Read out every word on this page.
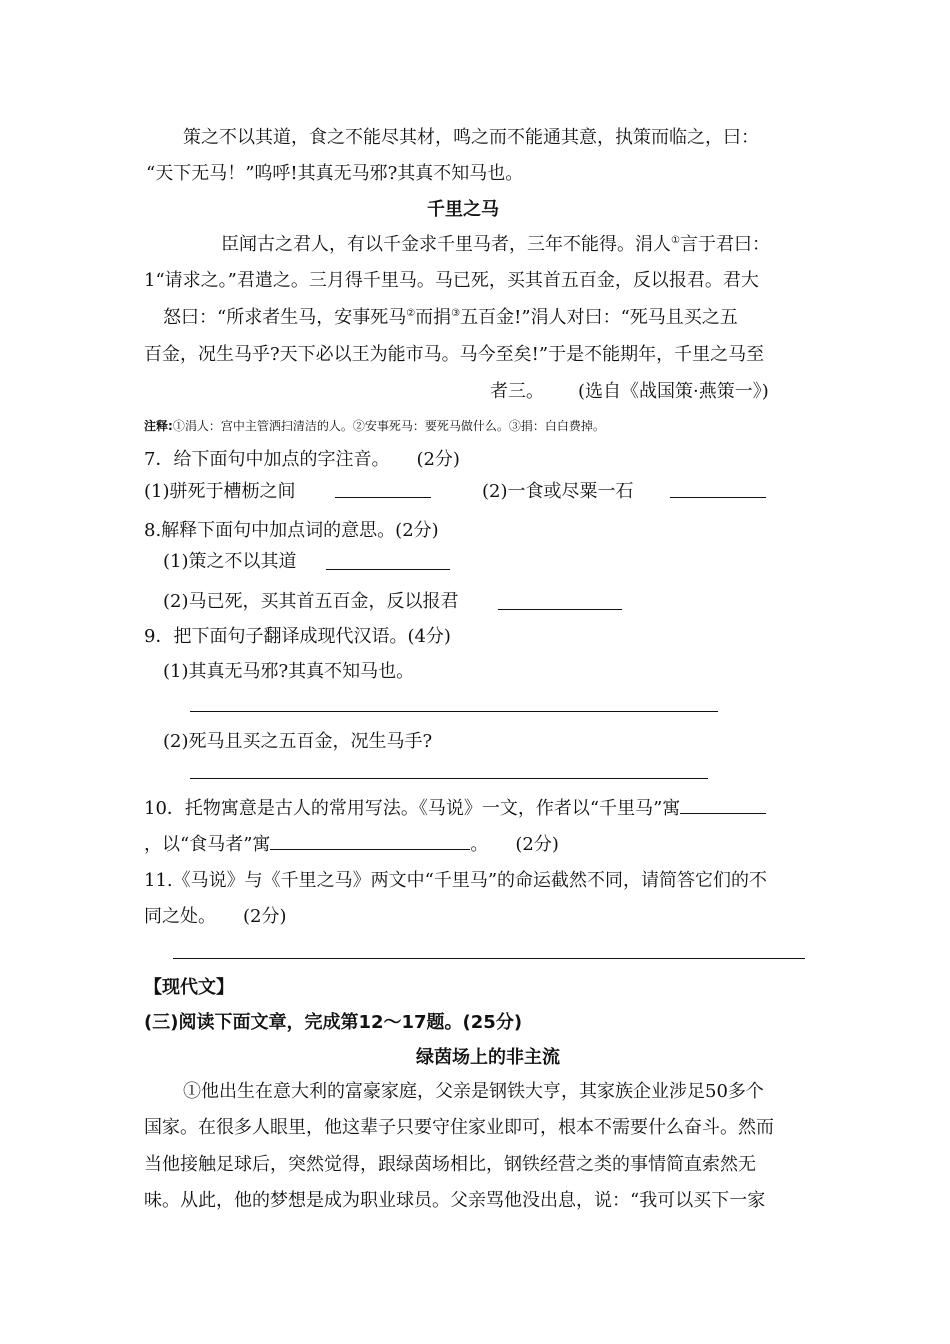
策之不以其道，食之不能尽其材，鸣之而不能通其意，执策而临之，曰：
“天下无马！”呜呼!其真无马邪?其真不知马也。
千里之马
臣闻古之君人，有以千金求千里马者，三年不能得。涓人①言于君曰：
1“请求之。”君遣之。三月得千里马。马已死，买其首五百金，反以报君。君大
怒曰：“所求者生马，安事死马②而捐③五百金!”涓人对曰：“死马且买之五
百金，况生马乎?天下必以王为能市马。马今至矣!”于是不能期年，千里之马至
者三。 (选自《战国策·燕策一》)
注释:①涓人：宫中主管洒扫清洁的人。②安事死马：要死马做什么。③捐：白白费掉。
7．给下面句中加点的字注音。　　(2分)
(1)骈死于槽枥之间	(2)一食或尽粟一石
8.解释下面句中加点词的意思。(2分)
(1)策之不以其道
(2)马已死，买其首五百金，反以报君
9．把下面句子翻译成现代汉语。(4分)
(1)其真无马邪?其真不知马也。
(2)死马且买之五百金，况生马手?
10．托物寓意是古人的常用写法。《马说》一文，作者以“千里马”寓
，以“食马者”寓	。　　(2分)
11.《马说》与《千里之马》两文中“千里马”的命运截然不同，请简答它们的不
同之处。　　(2分)
【现代文】
(三)阅读下面文章，完成第12～17题。(25分)
绿茵场上的非主流
①他出生在意大利的富豪家庭，父亲是钢铁大亨，其家族企业涉足50多个
国家。在很多人眼里，他这辈子只要守住家业即可，根本不需要什么奋斗。然而
当他接触足球后，突然觉得，跟绿茵场相比，钢铁经营之类的事情简直索然无
味。从此，他的梦想是成为职业球员。父亲骂他没出息，说：“我可以买下一家
